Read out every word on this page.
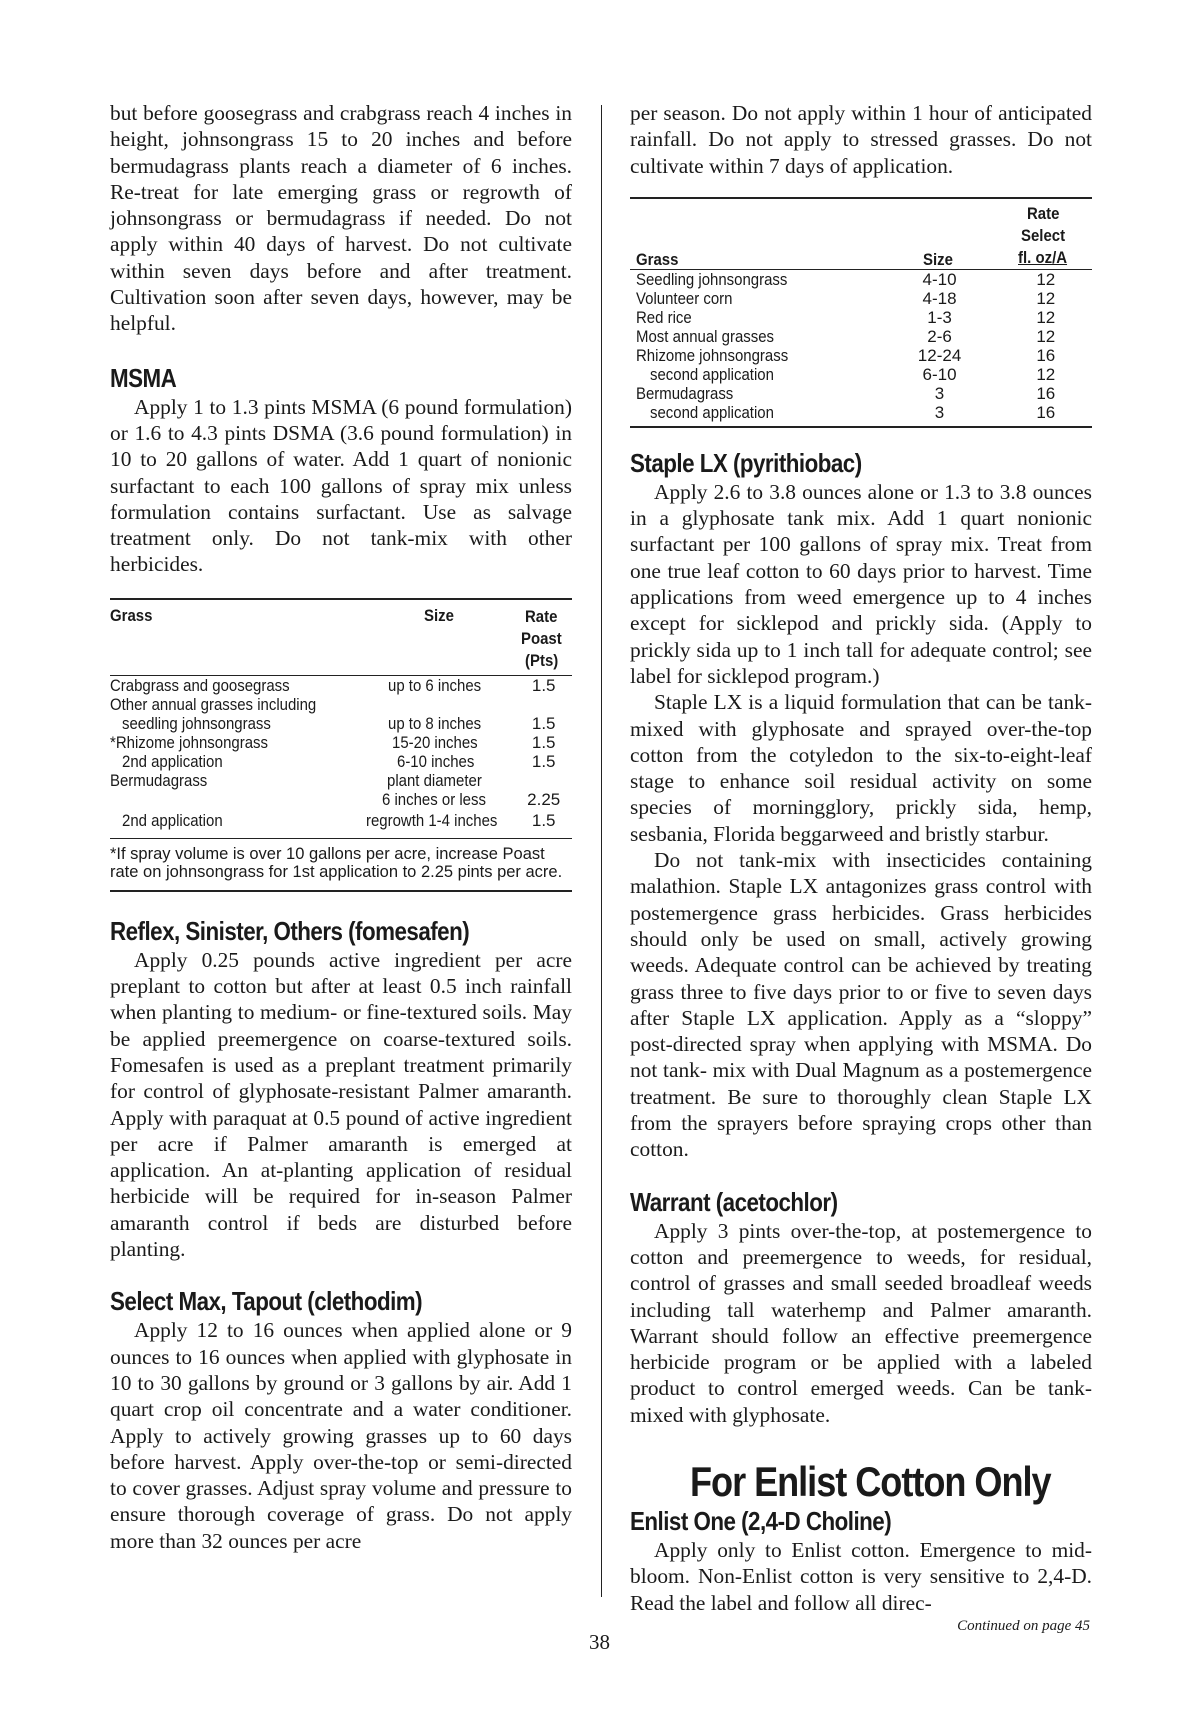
but before goosegrass and crabgrass reach 4 inches in height, johnsongrass 15 to 20 inches and before bermudagrass plants reach a diameter of 6 inches. Re-treat for late emerging grass or regrowth of johnsongrass or bermudagrass if needed. Do not apply within 40 days of harvest. Do not cultivate within seven days before and after treatment. Cultivation soon after seven days, however, may be helpful.

MSMA

Apply 1 to 1.3 pints MSMA (6 pound formulation) or 1.6 to 4.3 pints DSMA (3.6 pound formulation) in 10 to 20 gallons of water. Add 1 quart of nonionic surfactant to each 100 gallons of spray mix unless formulation contains surfactant. Use as salvage treatment only. Do not tank-mix with other herbicides.

Grass	Size	Rate
Poast
(Pts)

Crabgrass and goosegrass	up to 6 inches	1.5
Other annual grasses including		
seedling johnsongrass	up to 8 inches	1.5
*Rhizome johnsongrass	15-20 inches	1.5
2nd application	6-10 inches	1.5
Bermudagrass	plant diameter	
	6 inches or less	2.25
2nd application	regrowth 1-4 inches	1.5
*If spray volume is over 10 gallons per acre, increase Poast rate on johnsongrass for 1st application to 2.25 pints per acre.
Reflex, Sinister, Others (fomesafen)

Apply 0.25 pounds active ingredient per acre preplant to cotton but after at least 0.5 inch rainfall when planting to medium- or fine-textured soils. May be applied preemergence on coarse-textured soils. Fomesafen is used as a preplant treatment primarily for control of glyphosate-resistant Palmer amaranth. Apply with paraquat at 0.5 pound of active ingredient per acre if Palmer amaranth is emerged at application. An at-planting application of residual herbicide will be required for in-season Palmer amaranth control if beds are disturbed before planting.

Select Max, Tapout (clethodim)

Apply 12 to 16 ounces when applied alone or 9 ounces to 16 ounces when applied with glyphosate in 10 to 30 gallons by ground or 3 gallons by air. Add 1 quart crop oil concentrate and a water conditioner. Apply to actively growing grasses up to 60 days before harvest. Apply over-the-top or semi-directed to cover grasses. Adjust spray volume and pressure to ensure thorough coverage of grass. Do not apply more than 32 ounces per acre

per season. Do not apply within 1 hour of anticipated rainfall. Do not apply to stressed grasses. Do not cultivate within 7 days of application.

Grass	Size	Rate
Select
fl. oz/A

Seedling johnsongrass	4-10	12
Volunteer corn	4-18	12
Red rice	1-3	12
Most annual grasses	2-6	12
Rhizome johnsongrass	12-24	16
second application	6-10	12
Bermudagrass	3	16
second application	3	16
Staple LX (pyrithiobac)

Apply 2.6 to 3.8 ounces alone or 1.3 to 3.8 ounces in a glyphosate tank mix. Add 1 quart nonionic surfactant per 100 gallons of spray mix. Treat from one true leaf cotton to 60 days prior to harvest. Time applications from weed emergence up to 4 inches except for sicklepod and prickly sida. (Apply to prickly sida up to 1 inch tall for adequate control; see label for sicklepod program.)

Staple LX is a liquid formulation that can be tank-mixed with glyphosate and sprayed over-the-top cotton from the cotyledon to the six-to-eight-leaf stage to enhance soil residual activity on some species of morningglory, prickly sida, hemp, sesbania, Florida beggarweed and bristly starbur.

Do not tank-mix with insecticides containing malathion. Staple LX antagonizes grass control with postemergence grass herbicides. Grass herbicides should only be used on small, actively growing weeds. Adequate control can be achieved by treating grass three to five days prior to or five to seven days after Staple LX application. Apply as a “sloppy” post-directed spray when applying with MSMA. Do not tank- mix with Dual Magnum as a postemergence treatment. Be sure to thoroughly clean Staple LX from the sprayers before spraying crops other than cotton.

Warrant (acetochlor)

Apply 3 pints over-the-top, at postemergence to cotton and preemergence to weeds, for residual, control of grasses and small seeded broadleaf weeds including tall waterhemp and Palmer amaranth. Warrant should follow an effective preemergence herbicide program or be applied with a labeled product to control emerged weeds. Can be tank-mixed with glyphosate.

For Enlist Cotton Only
Enlist One (2,4-D Choline)

Apply only to Enlist cotton. Emergence to mid-bloom. Non-Enlist cotton is very sensitive to 2,4-D. Read the label and follow all direc-

38
Continued on page 45
